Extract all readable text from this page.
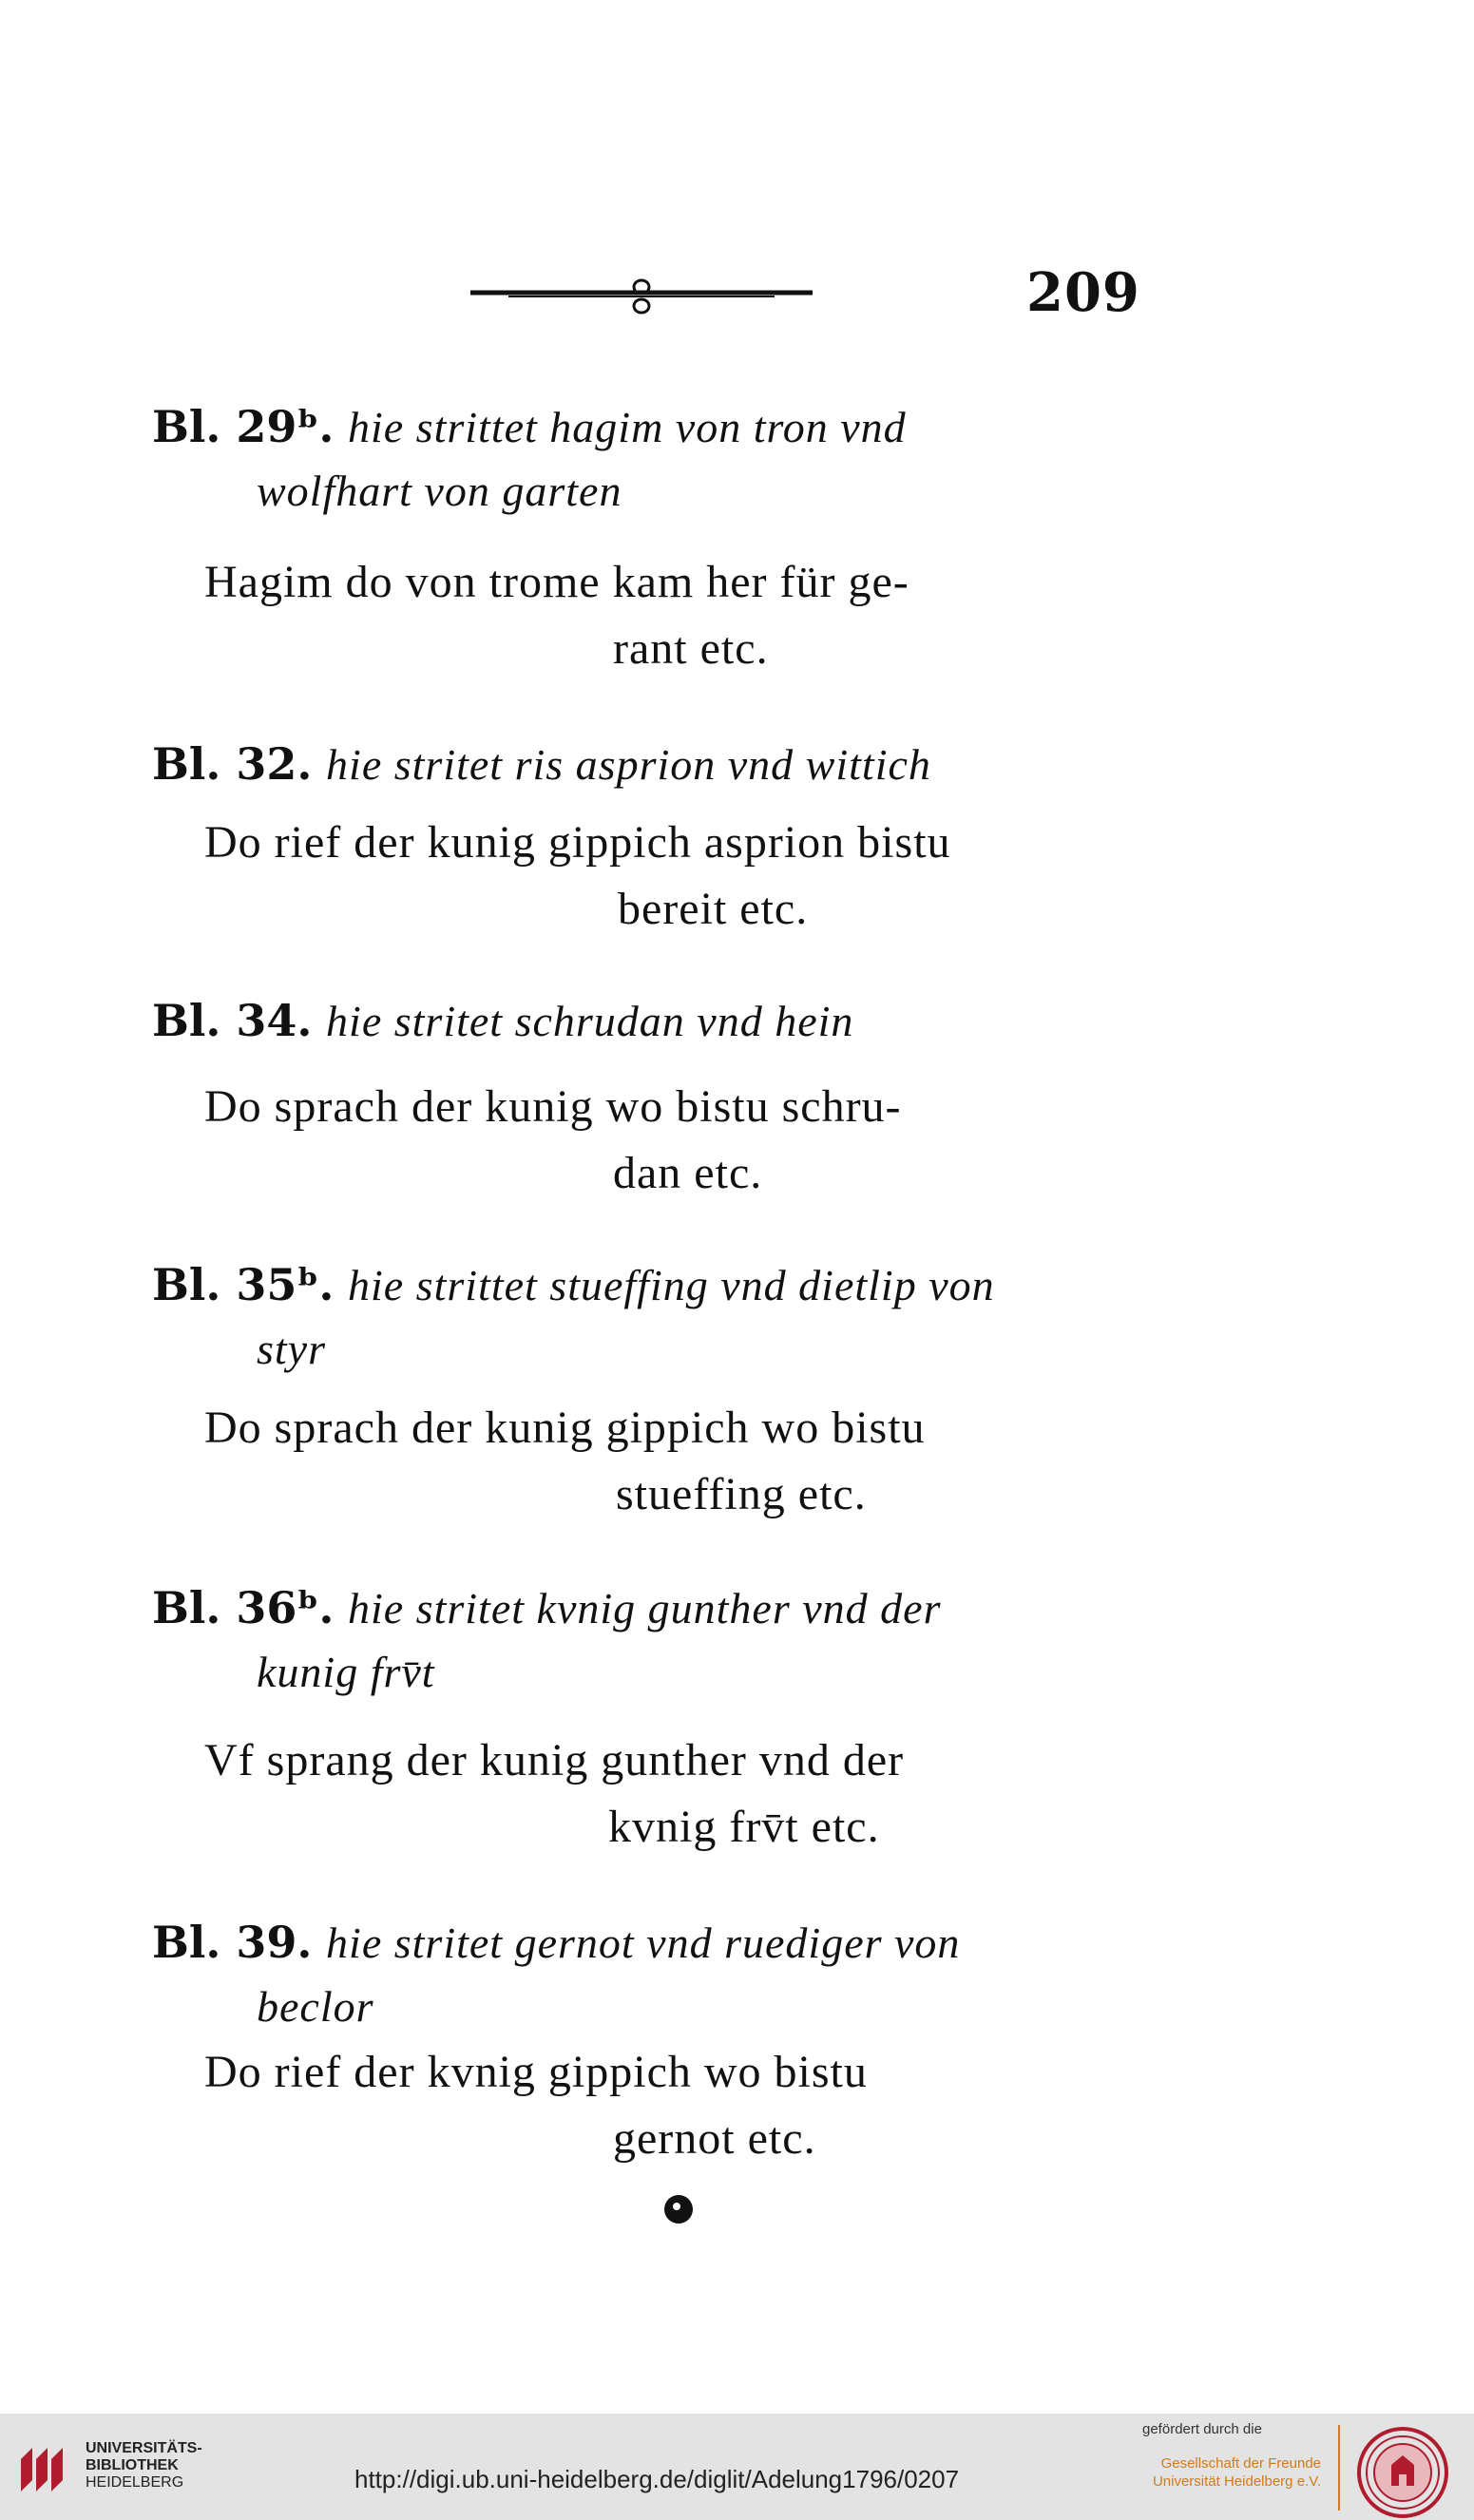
209
Bl. 29ᵇ. hie strittet hagim von tron vnd
wolfhart von garten
Hagim do von trome kam her für ge-
rant etc.
Bl. 32. hie stritet ris asprion vnd wittich
Do rief der kunig gippich asprion bistu
bereit etc.
Bl. 34. hie stritet schrudan vnd hein
Do sprach der kunig wo bistu schru-
dan etc.
Bl. 35ᵇ. hie strittet stueffing vnd dietlip von
styr
Do sprach der kunig gippich wo bistu
stueffing etc.
Bl. 36ᵇ. hie stritet kvnig gunther vnd der
kunig frv̄t
Vf sprang der kunig gunther vnd der
kvnig frv̄t etc.
Bl. 39. hie stritet gernot vnd ruediger von
beclor
Do rief der kvnig gippich wo bistu
gernot etc.
UNIVERSITÄTS-
BIBLIOTHEK
HEIDELBERG	http://digi.ub.uni-heidelberg.de/diglit/Adelung1796/0207
gefördert durch die
Gesellschaft der Freunde
Universität Heidelberg e.V.
